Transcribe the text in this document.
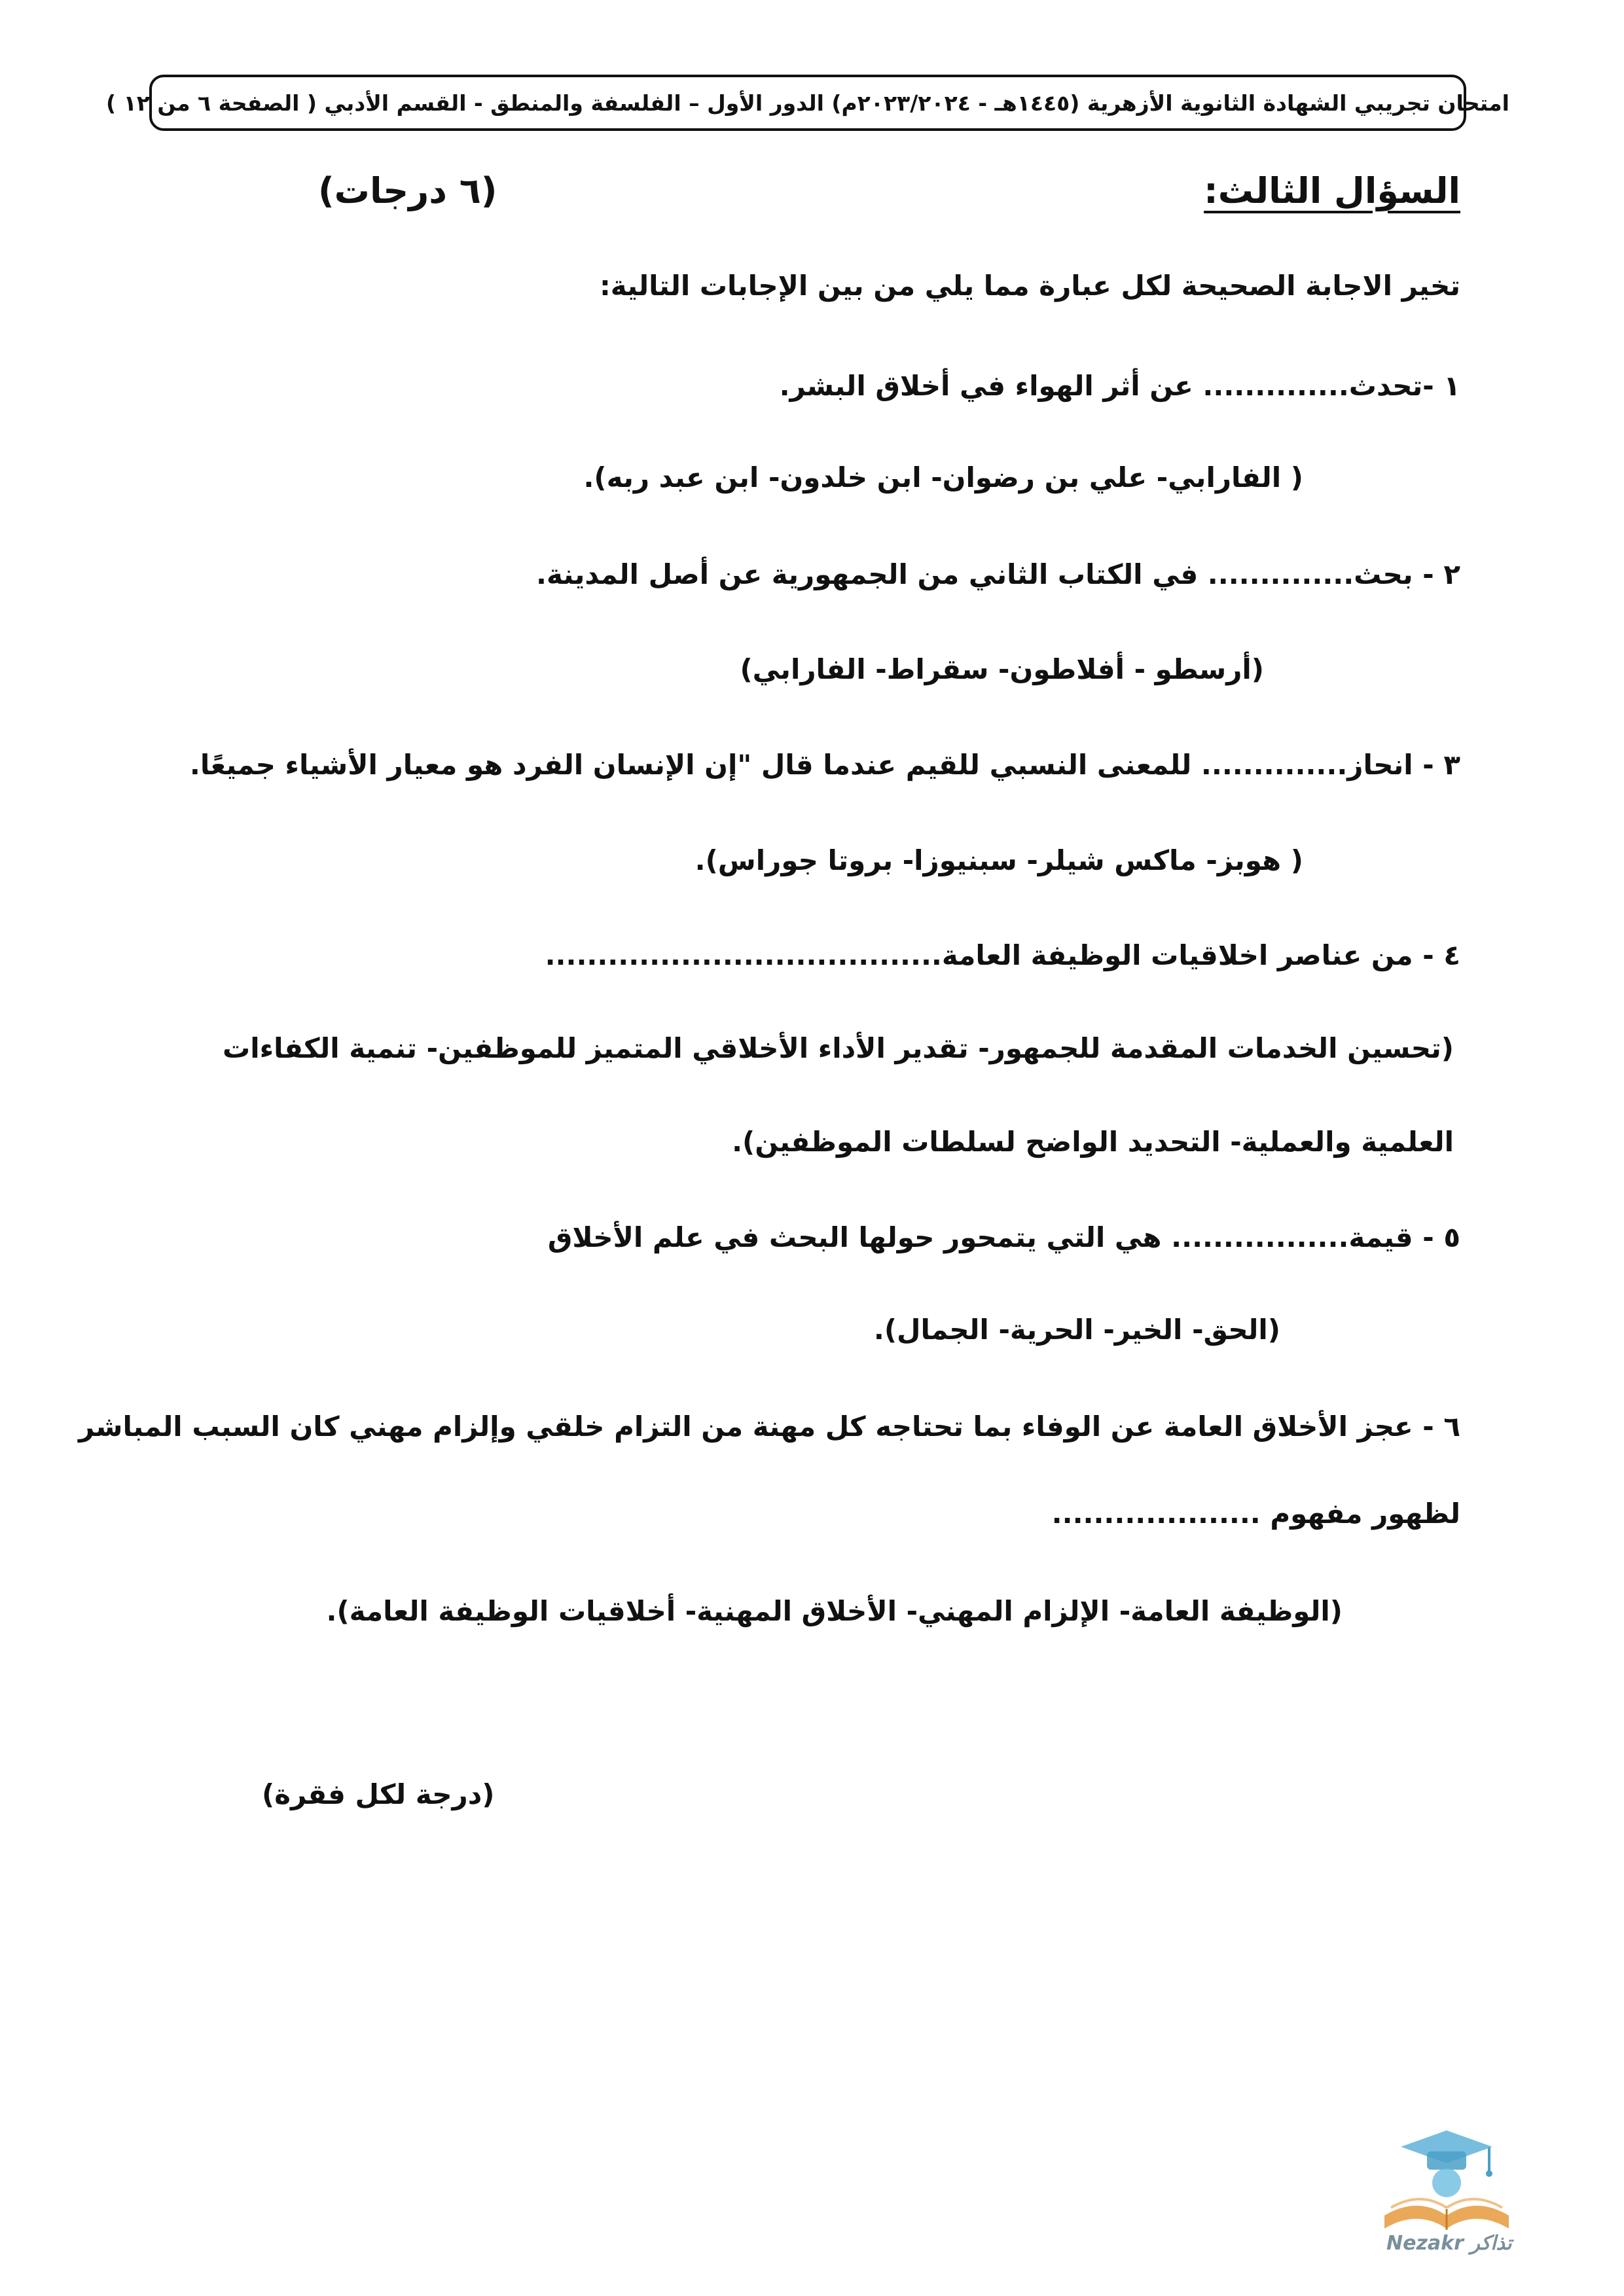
امتحان تجريبي الشهادة الثانوية الأزهرية (١٤٤٥هـ - ٢٠٢٣/٢٠٢٤م) الدور الأول – الفلسفة والمنطق - القسم الأدبي ( الصفحة ٦ من ١٢ )
السؤال الثالث:
(٦ درجات)
تخير الاجابة الصحيحة لكل عبارة مما يلي من بين الإجابات التالية:
١ -تحدث.............. عن أثر الهواء في أخلاق البشر.
( الفارابي- علي بن رضوان- ابن خلدون- ابن عبد ربه).
٢ - بحث.............. في الكتاب الثاني من الجمهورية عن أصل المدينة.
(أرسطو - أفلاطون- سقراط- الفارابي)
٣ - انحاز.............. للمعنى النسبي للقيم عندما قال "إن الإنسان الفرد هو معيار الأشياء جميعًا.
( هوبز- ماكس شيلر- سبنيوزا- بروتا جوراس).
٤ - من عناصر اخلاقيات الوظيفة العامة......................................
(تحسين الخدمات المقدمة للجمهور- تقدير الأداء الأخلاقي المتميز للموظفين- تنمية الكفاءات
العلمية والعملية- التحديد الواضح لسلطات الموظفين).
٥ - قيمة................. هي التي يتمحور حولها البحث في علم الأخلاق
(الحق- الخير- الحرية- الجمال).
٦ - عجز الأخلاق العامة عن الوفاء بما تحتاجه كل مهنة من التزام خلقي وإلزام مهني كان السبب المباشر
لظهور مفهوم ....................
(الوظيفة العامة- الإلزام المهني- الأخلاق المهنية- أخلاقيات الوظيفة العامة).
(درجة لكل فقرة)
Nezakr تذاكر
